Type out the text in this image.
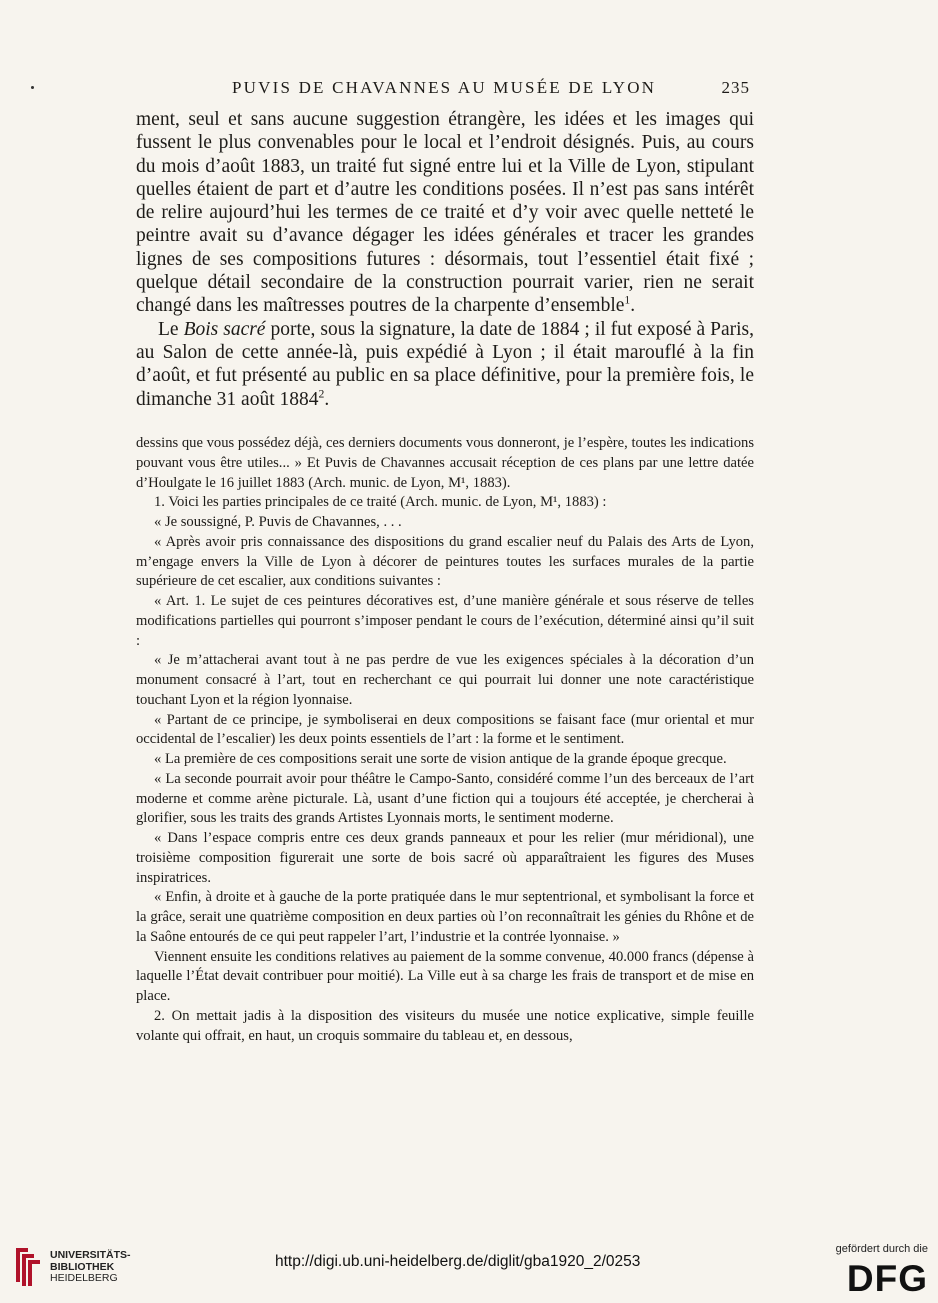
PUVIS DE CHAVANNES AU MUSÉE DE LYON	235

ment, seul et sans aucune suggestion étrangère, les idées et les images qui fussent le plus convenables pour le local et l’endroit désignés. Puis, au cours du mois d’août 1883, un traité fut signé entre lui et la Ville de Lyon, stipulant quelles étaient de part et d’autre les conditions posées. Il n’est pas sans intérêt de relire aujourd’hui les termes de ce traité et d’y voir avec quelle netteté le peintre avait su d’avance dégager les idées générales et tracer les grandes lignes de ses compositions futures : désormais, tout l’essentiel était fixé ; quelque détail secondaire de la construction pourrait varier, rien ne serait changé dans les maîtresses poutres de la charpente d’ensemble$^1$.

Le Bois sacré porte, sous la signature, la date de 1884 ; il fut exposé à Paris, au Salon de cette année-là, puis expédié à Lyon ; il était marouflé à la fin d’août, et fut présenté au public en sa place définitive, pour la première fois, le dimanche 31 août 1884$^2$.

dessins que vous possédez déjà, ces derniers documents vous donneront, je l’espère, toutes les indications pouvant vous être utiles... » Et Puvis de Chavannes accusait réception de ces plans par une lettre datée d’Houlgate le 16 juillet 1883 (Arch. munic. de Lyon, M¹, 1883).

1. Voici les parties principales de ce traité (Arch. munic. de Lyon, M¹, 1883) :

« Je soussigné, P. Puvis de Chavannes, . . .

« Après avoir pris connaissance des dispositions du grand escalier neuf du Palais des Arts de Lyon, m’engage envers la Ville de Lyon à décorer de peintures toutes les surfaces murales de la partie supérieure de cet escalier, aux conditions suivantes :

« Art. 1. Le sujet de ces peintures décoratives est, d’une manière générale et sous réserve de telles modifications partielles qui pourront s’imposer pendant le cours de l’exécution, déterminé ainsi qu’il suit :

« Je m’attacherai avant tout à ne pas perdre de vue les exigences spéciales à la décoration d’un monument consacré à l’art, tout en recherchant ce qui pourrait lui donner une note caractéristique touchant Lyon et la région lyonnaise.

« Partant de ce principe, je symboliserai en deux compositions se faisant face (mur oriental et mur occidental de l’escalier) les deux points essentiels de l’art : la forme et le sentiment.

« La première de ces compositions serait une sorte de vision antique de la grande époque grecque.

« La seconde pourrait avoir pour théâtre le Campo-Santo, considéré comme l’un des berceaux de l’art moderne et comme arène picturale. Là, usant d’une fiction qui a toujours été acceptée, je chercherai à glorifier, sous les traits des grands Artistes Lyonnais morts, le sentiment moderne.

« Dans l’espace compris entre ces deux grands panneaux et pour les relier (mur méridional), une troisième composition figurerait une sorte de bois sacré où apparaîtraient les figures des Muses inspiratrices.

« Enfin, à droite et à gauche de la porte pratiquée dans le mur septentrional, et symbolisant la force et la grâce, serait une quatrième composition en deux parties où l’on reconnaîtrait les génies du Rhône et de la Saône entourés de ce qui peut rappeler l’art, l’industrie et la contrée lyonnaise. »

Viennent ensuite les conditions relatives au paiement de la somme convenue, 40.000 francs (dépense à laquelle l’État devait contribuer pour moitié). La Ville eut à sa charge les frais de transport et de mise en place.

2. On mettait jadis à la disposition des visiteurs du musée une notice explicative, simple feuille volante qui offrait, en haut, un croquis sommaire du tableau et, en dessous,

UNIVERSITÄTS-
BIBLIOTHEK
HEIDELBERG
http://digi.ub.uni-heidelberg.de/diglit/gba1920_2/0253
gefördert durch die
DFG
